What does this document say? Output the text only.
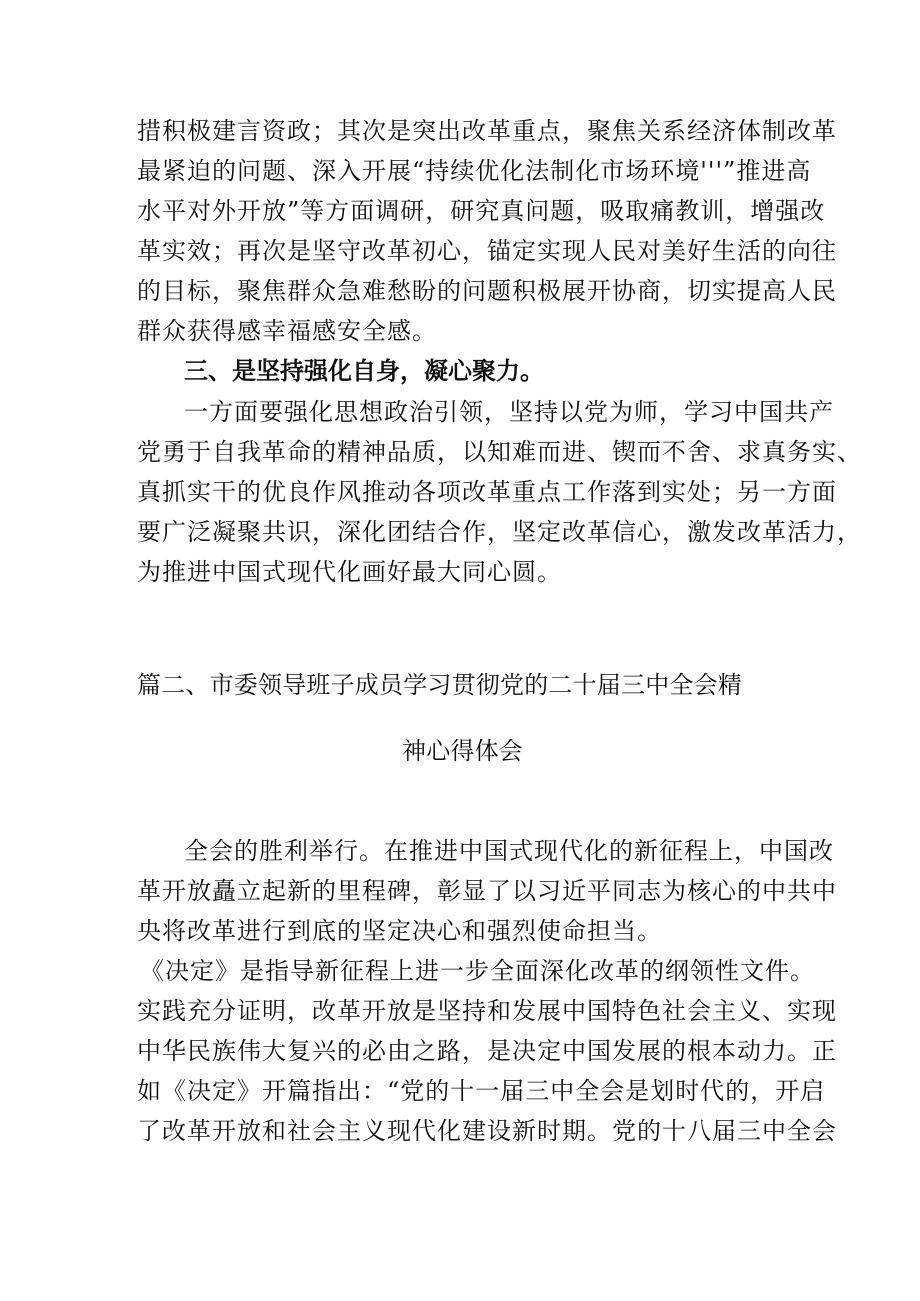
措积极建言资政；其次是突出改革重点，聚焦关系经济体制改革
最紧迫的问题、深入开展“持续优化法制化市场环境'''”推进高
水平对外开放”等方面调研，研究真问题，吸取痛教训，增强改
革实效；再次是坚守改革初心，锚定实现人民对美好生活的向往
的目标，聚焦群众急难愁盼的问题积极展开协商，切实提高人民
群众获得感幸福感安全感。
三、是坚持强化自身，凝心聚力。
一方面要强化思想政治引领，坚持以党为师，学习中国共产
党勇于自我革命的精神品质，以知难而进、锲而不舍、求真务实、
真抓实干的优良作风推动各项改革重点工作落到实处；另一方面
要广泛凝聚共识，深化团结合作，坚定改革信心，激发改革活力，
为推进中国式现代化画好最大同心圆。
篇二、市委领导班子成员学习贯彻党的二十届三中全会精
神心得体会
全会的胜利举行。在推进中国式现代化的新征程上，中国改
革开放矗立起新的里程碑，彰显了以习近平同志为核心的中共中
央将改革进行到底的坚定决心和强烈使命担当。
《决定》是指导新征程上进一步全面深化改革的纲领性文件。
实践充分证明，改革开放是坚持和发展中国特色社会主义、实现
中华民族伟大复兴的必由之路，是决定中国发展的根本动力。正
如《决定》开篇指出：“党的十一届三中全会是划时代的，开启
了改革开放和社会主义现代化建设新时期。党的十八届三中全会
